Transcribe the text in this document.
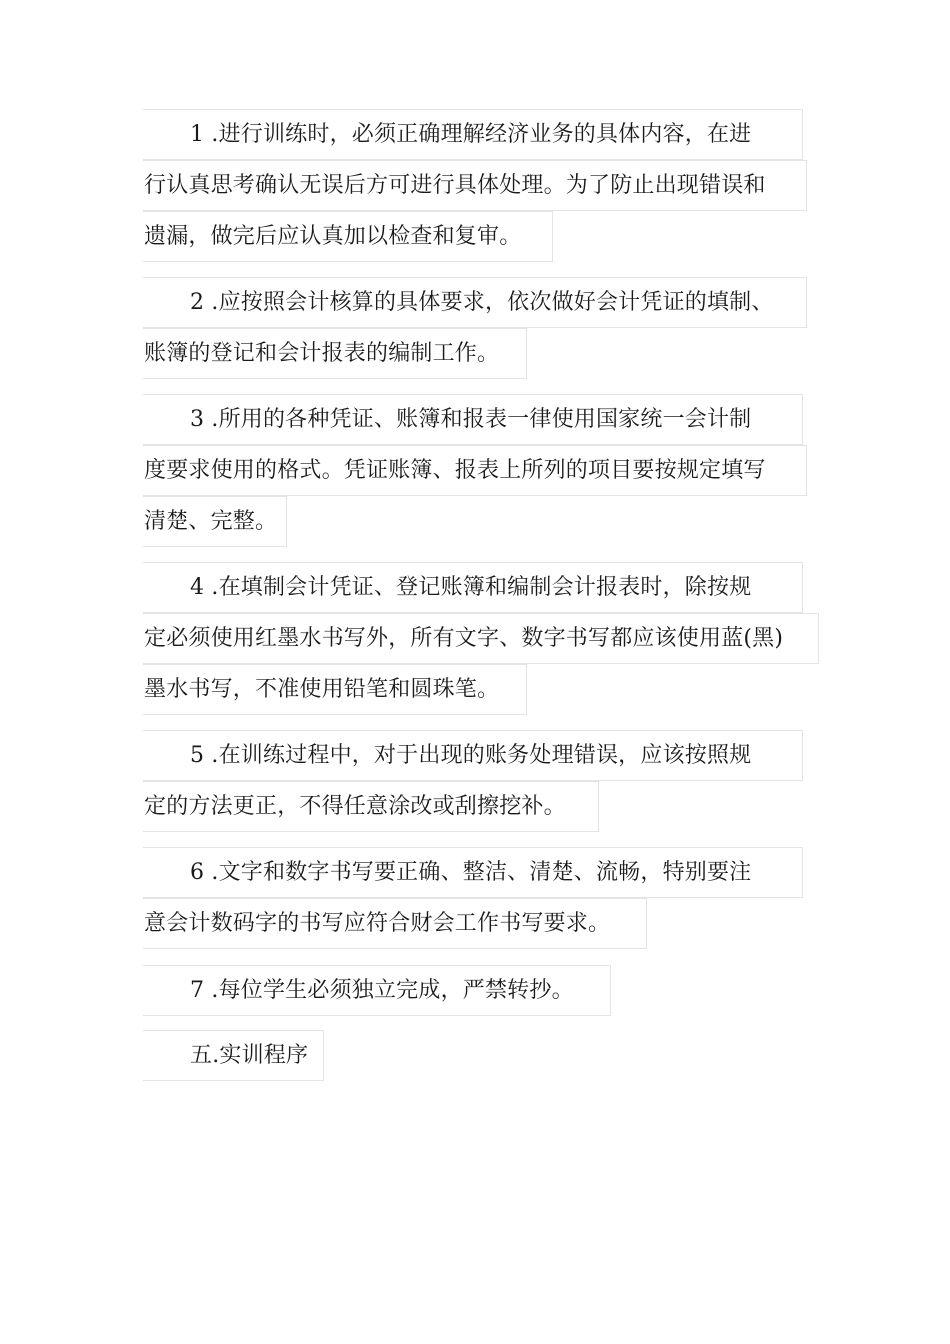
1 .进行训练时，必须正确理解经济业务的具体内容，在进
行认真思考确认无误后方可进行具体处理。为了防止出现错误和
遗漏，做完后应认真加以检查和复审。
2 .应按照会计核算的具体要求，依次做好会计凭证的填制、
账簿的登记和会计报表的编制工作。
3 .所用的各种凭证、账簿和报表一律使用国家统一会计制
度要求使用的格式。凭证账簿、报表上所列的项目要按规定填写
清楚、完整。
4 .在填制会计凭证、登记账簿和编制会计报表时，除按规
定必须使用红墨水书写外，所有文字、数字书写都应该使用蓝(黑)
墨水书写，不准使用铅笔和圆珠笔。
5 .在训练过程中，对于出现的账务处理错误，应该按照规
定的方法更正，不得任意涂改或刮擦挖补。
6 .文字和数字书写要正确、整洁、清楚、流畅，特别要注
意会计数码字的书写应符合财会工作书写要求。
7 .每位学生必须独立完成，严禁转抄。
五.实训程序
